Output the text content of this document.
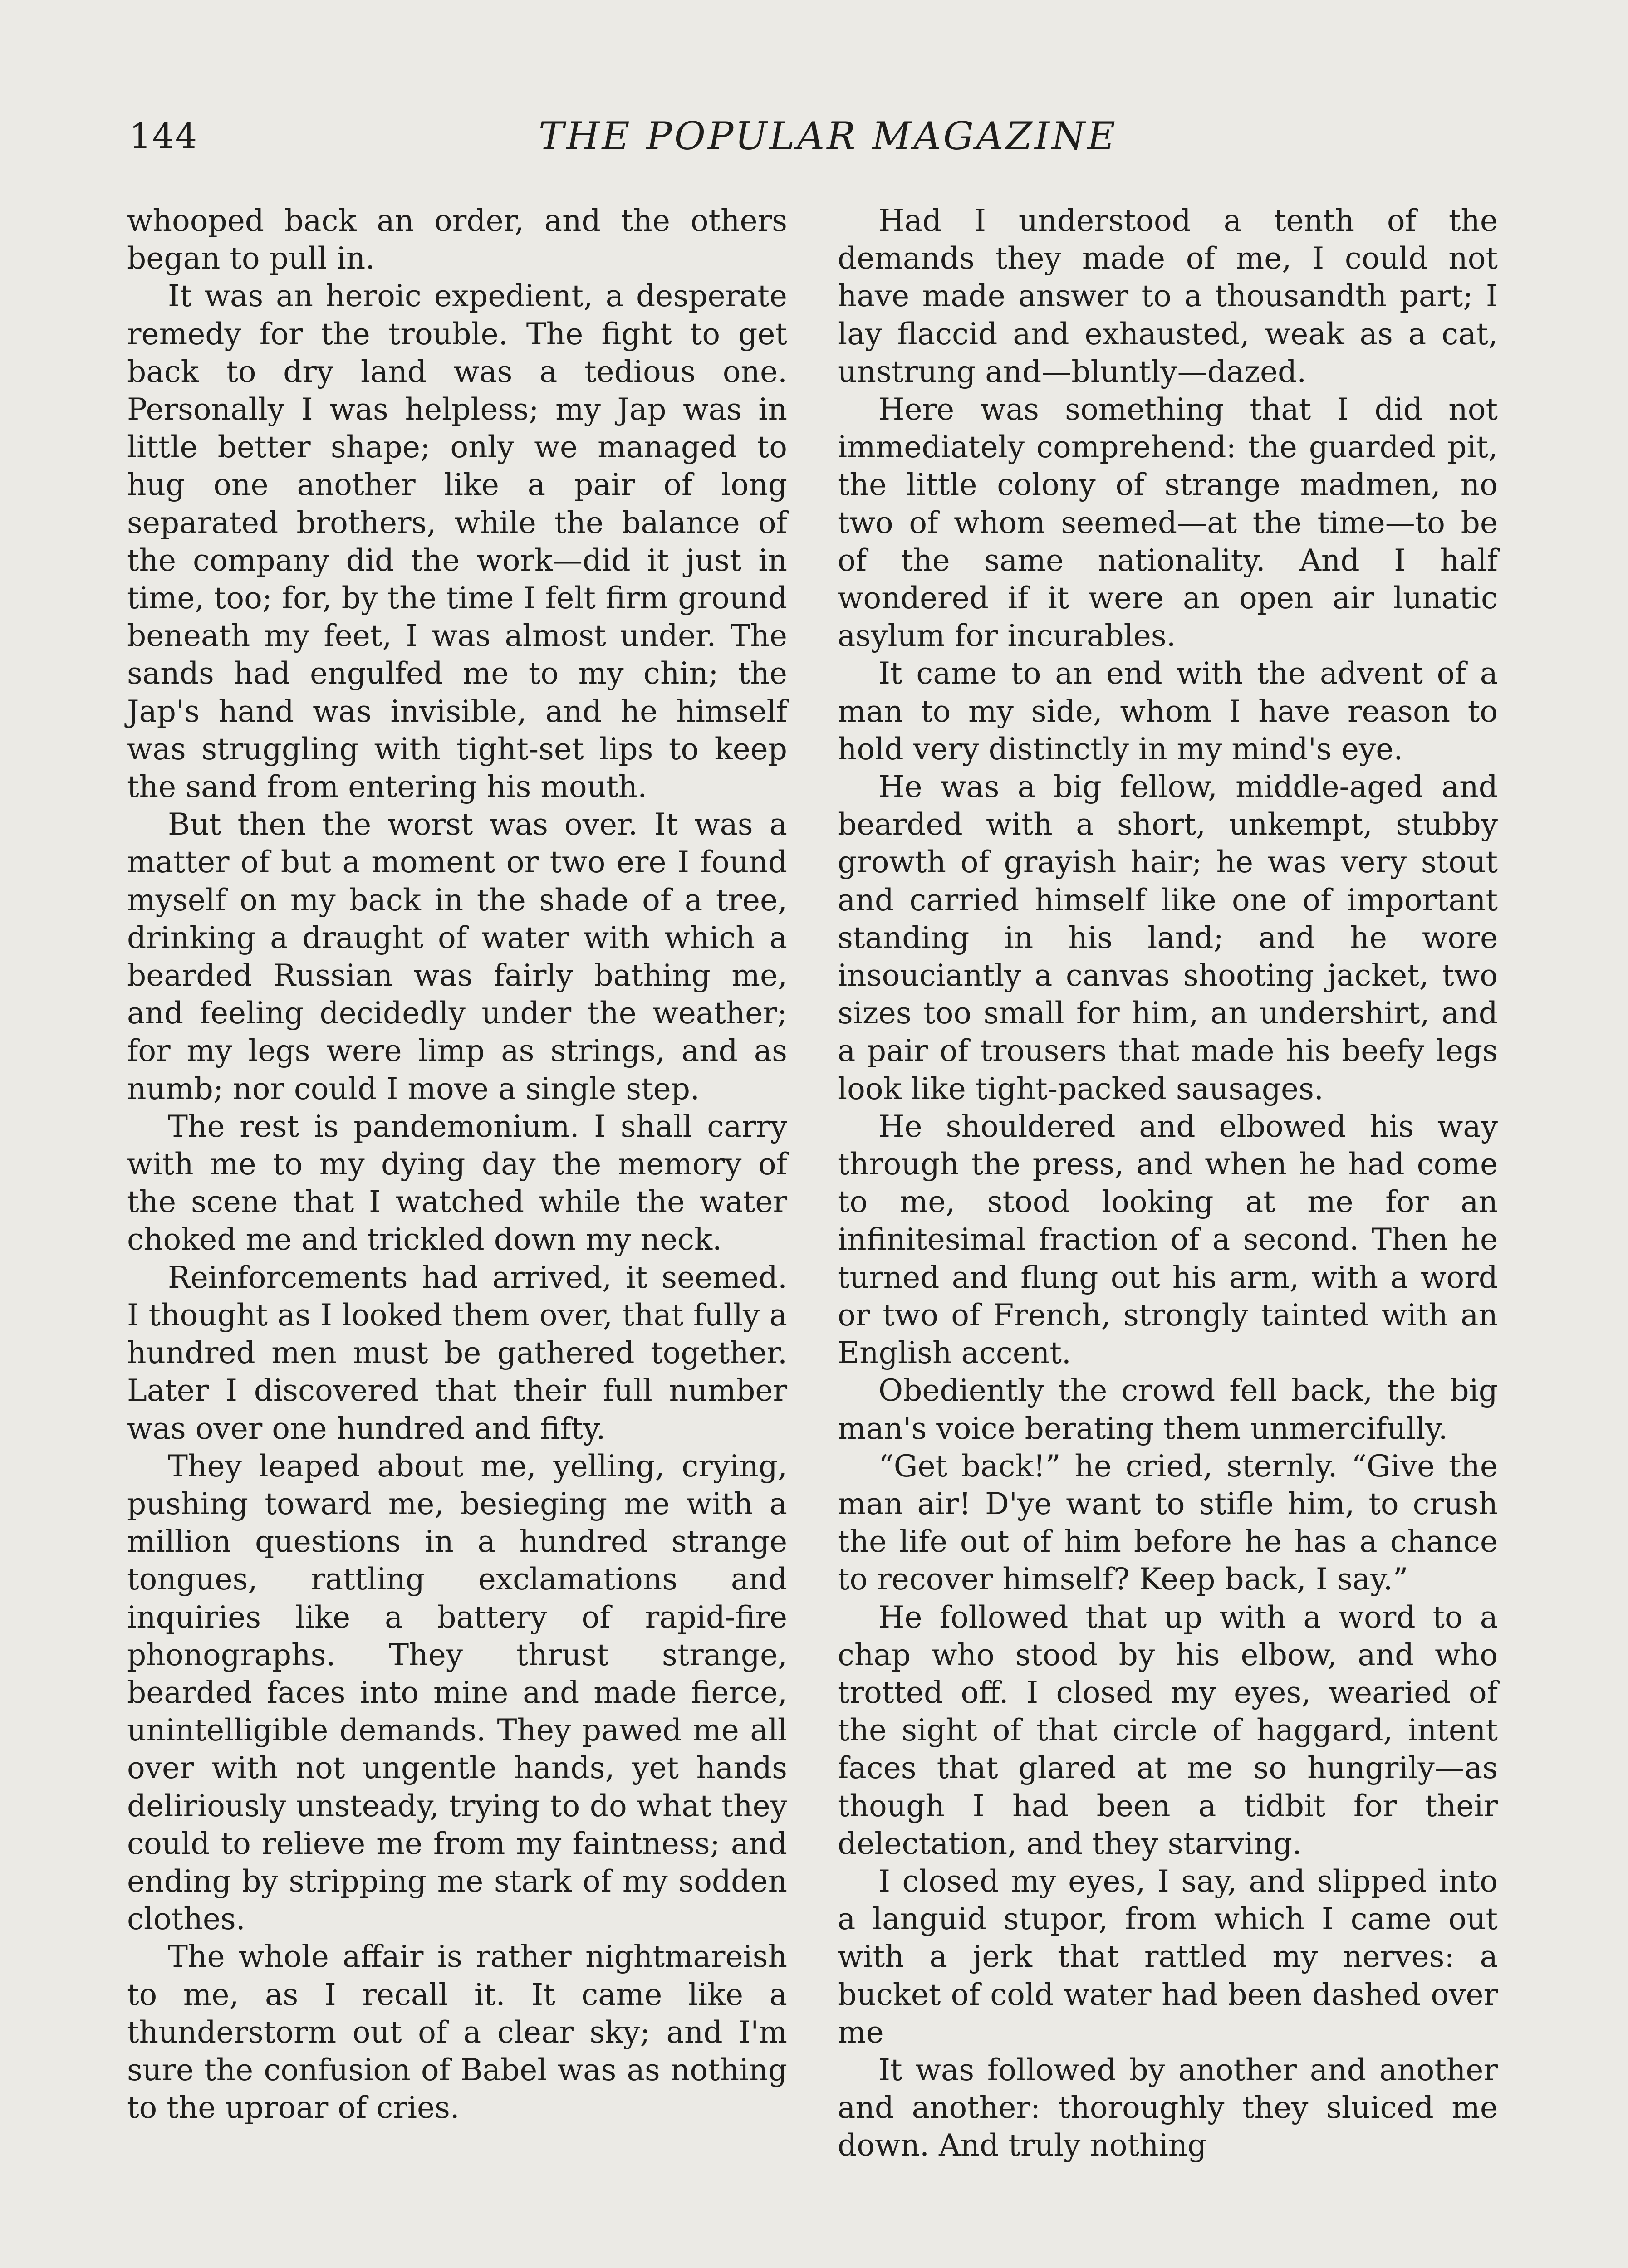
144	THE POPULAR MAGAZINE

whooped back an order, and the others began to pull in.

It was an heroic expedient, a desperate remedy for the trouble. The fight to get back to dry land was a tedious one. Personally I was helpless; my Jap was in little better shape; only we managed to hug one another like a pair of long separated brothers, while the balance of the company did the work—did it just in time, too; for, by the time I felt firm ground beneath my feet, I was almost under. The sands had engulfed me to my chin; the Jap's hand was invisible, and he himself was struggling with tight-set lips to keep the sand from entering his mouth.

But then the worst was over. It was a matter of but a moment or two ere I found myself on my back in the shade of a tree, drinking a draught of water with which a bearded Russian was fairly bathing me, and feeling decidedly under the weather; for my legs were limp as strings, and as numb; nor could I move a single step.

The rest is pandemonium. I shall carry with me to my dying day the memory of the scene that I watched while the water choked me and trickled down my neck.

Reinforcements had arrived, it seemed. I thought as I looked them over, that fully a hundred men must be gathered together. Later I discovered that their full number was over one hundred and fifty.

They leaped about me, yelling, crying, pushing toward me, besieging me with a million questions in a hundred strange tongues, rattling exclamations and inquiries like a battery of rapid-fire phonographs. They thrust strange, bearded faces into mine and made fierce, unintelligible demands. They pawed me all over with not ungentle hands, yet hands deliriously unsteady, trying to do what they could to relieve me from my faintness; and ending by stripping me stark of my sodden clothes.

The whole affair is rather nightmareish to me, as I recall it. It came like a thunderstorm out of a clear sky; and I'm sure the confusion of Babel was as nothing to the uproar of cries.

Had I understood a tenth of the demands they made of me, I could not have made answer to a thousandth part; I lay flaccid and exhausted, weak as a cat, unstrung and—bluntly—dazed.

Here was something that I did not immediately comprehend: the guarded pit, the little colony of strange madmen, no two of whom seemed—at the time—to be of the same nationality. And I half wondered if it were an open air lunatic asylum for incurables.

It came to an end with the advent of a man to my side, whom I have reason to hold very distinctly in my mind's eye.

He was a big fellow, middle-aged and bearded with a short, unkempt, stubby growth of grayish hair; he was very stout and carried himself like one of important standing in his land; and he wore insouciantly a canvas shooting jacket, two sizes too small for him, an undershirt, and a pair of trousers that made his beefy legs look like tight-packed sausages.

He shouldered and elbowed his way through the press, and when he had come to me, stood looking at me for an infinitesimal fraction of a second. Then he turned and flung out his arm, with a word or two of French, strongly tainted with an English accent.

Obediently the crowd fell back, the big man's voice berating them unmercifully.

“Get back!” he cried, sternly. “Give the man air! D'ye want to stifle him, to crush the life out of him before he has a chance to recover himself? Keep back, I say.”

He followed that up with a word to a chap who stood by his elbow, and who trotted off. I closed my eyes, wearied of the sight of that circle of haggard, intent faces that glared at me so hungrily—as though I had been a tidbit for their delectation, and they starving.

I closed my eyes, I say, and slipped into a languid stupor, from which I came out with a jerk that rattled my nerves: a bucket of cold water had been dashed over me

It was followed by another and another and another: thoroughly they sluiced me down. And truly nothing
